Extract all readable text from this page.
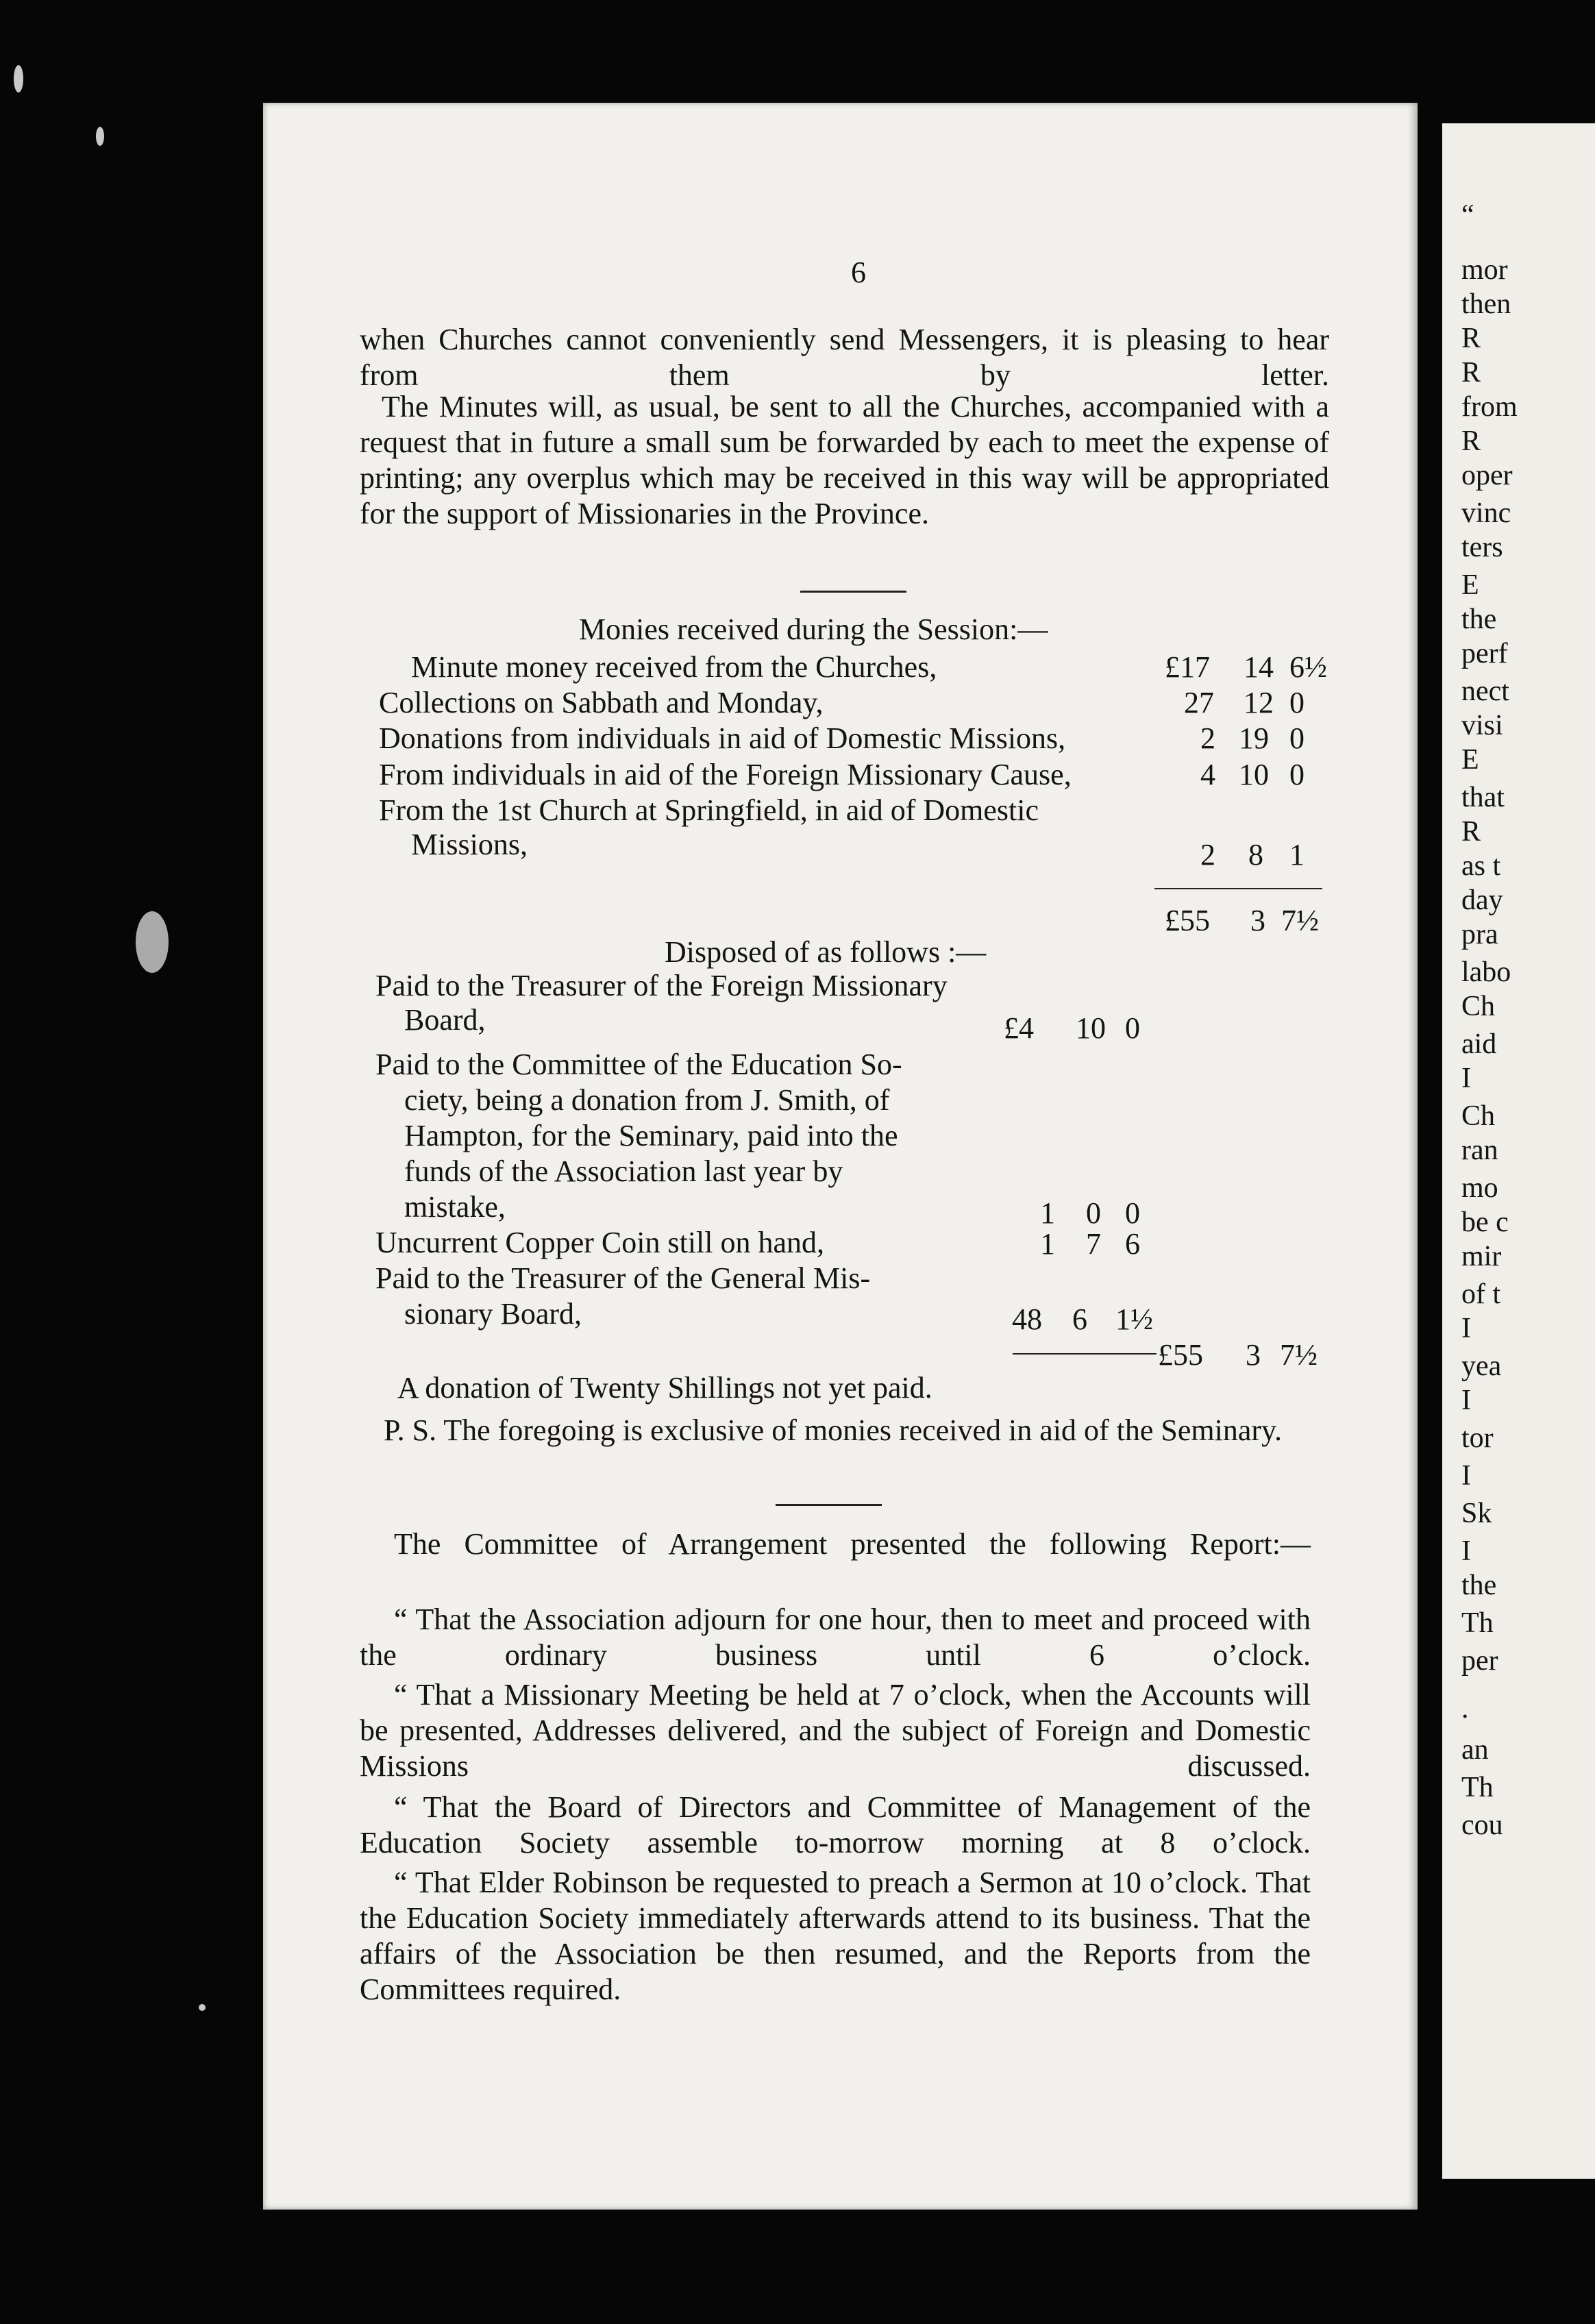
“
mor
then
R
R
from
R
oper
vinc
ters
E
the
perf
nect
visi
E
that
R
as t
day
pra
labo
Ch
aid
I
Ch
ran
mo
be c
mir
of t
I
yea
I
tor
I
Sk
I
the
Th
per
.
an
Th
cou
6
when Churches cannot conveniently send Messengers, it is pleasing to hear from them by letter.
The Minutes will, as usual, be sent to all the Churches, accompanied with a request that in future a small sum be forwarded by each to meet the expense of printing; any overplus which may be received in this way will be appropriated for the support of Missionaries in the Province.
Monies received during the Session:—
Minute money received from the Churches,	£17 14 6½
Collections on Sabbath and Monday,	27 12 0
Donations from individuals in aid of Domestic Missions,	2 19 0
From individuals in aid of the Foreign Missionary Cause,	4 10 0
From the 1st Church at Springfield, in aid of Domestic
Missions,	2 8 1
£55 3 7½
Disposed of as follows :—
Paid to the Treasurer of the Foreign Missionary
Board,	£4 10 0
Paid to the Committee of the Education So-
ciety, being a donation from J. Smith, of
Hampton, for the Seminary, paid into the
funds of the Association last year by
mistake,	1 0 0
Uncurrent Copper Coin still on hand,	1 7 6
Paid to the Treasurer of the General Mis-
sionary Board,	48 6 1½
£55 3 7½
A donation of Twenty Shillings not yet paid.
P. S. The foregoing is exclusive of monies received in aid of the Seminary.
The Committee of Arrangement presented the following Report:—
“ That the Association adjourn for one hour, then to meet and proceed with the ordinary business until 6 o’clock.
“ That a Missionary Meeting be held at 7 o’clock, when the Accounts will be presented, Addresses delivered, and the subject of Foreign and Domestic Missions discussed.
“ That the Board of Directors and Committee of Management of the Education Society assemble to-morrow morning at 8 o’clock.
“ That Elder Robinson be requested to preach a Sermon at 10 o’clock. That the Education Society immediately afterwards attend to its business. That the affairs of the Association be then resumed, and the Reports from the Committees required.
